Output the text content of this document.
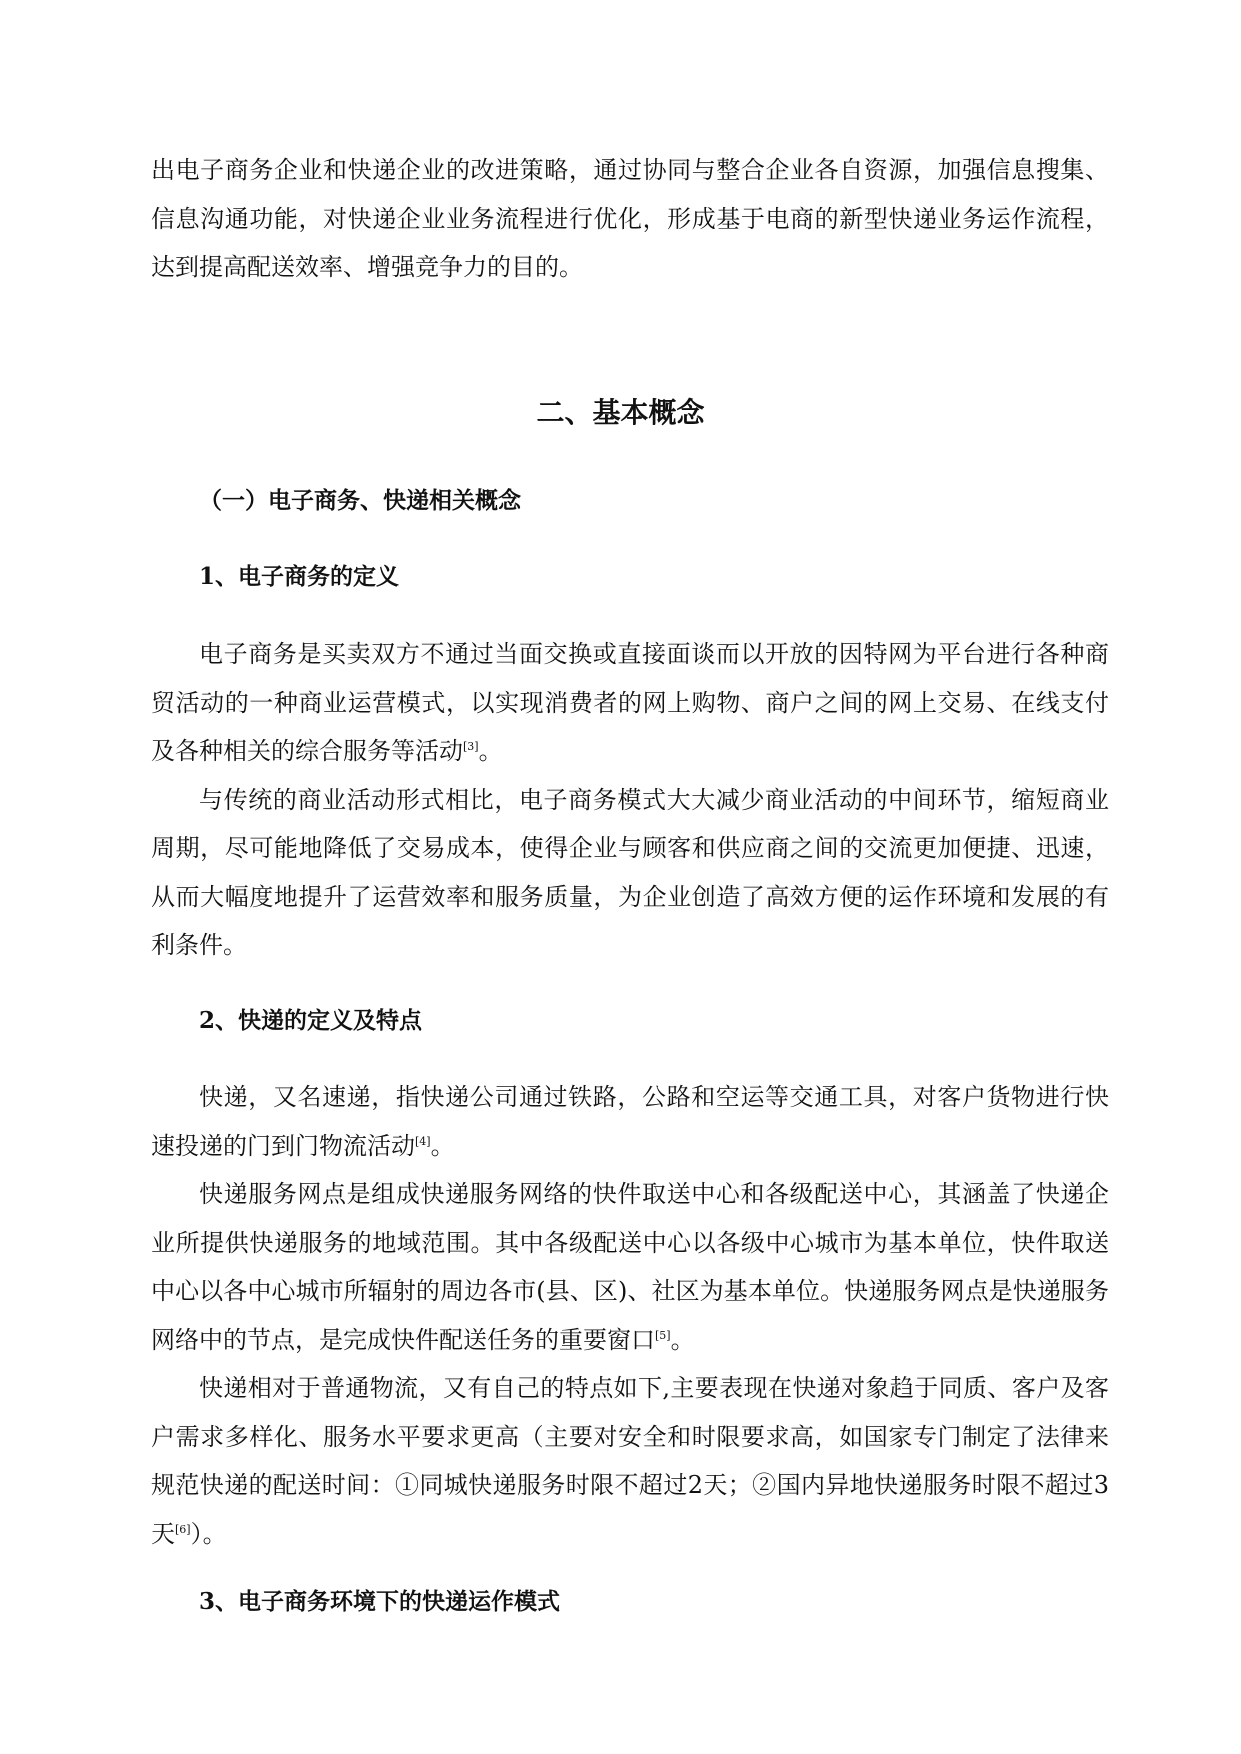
出电子商务企业和快递企业的改进策略，通过协同与整合企业各自资源，加强信息搜集、信息沟通功能，对快递企业业务流程进行优化，形成基于电商的新型快递业务运作流程，达到提高配送效率、增强竞争力的目的。

二、基本概念
（一）电子商务、快递相关概念
1、电子商务的定义

电子商务是买卖双方不通过当面交换或直接面谈而以开放的因特网为平台进行各种商贸活动的一种商业运营模式，以实现消费者的网上购物、商户之间的网上交易、在线支付及各种相关的综合服务等活动[3]。

与传统的商业活动形式相比，电子商务模式大大减少商业活动的中间环节，缩短商业周期，尽可能地降低了交易成本，使得企业与顾客和供应商之间的交流更加便捷、迅速，从而大幅度地提升了运营效率和服务质量，为企业创造了高效方便的运作环境和发展的有利条件。

2、快递的定义及特点

快递，又名速递，指快递公司通过铁路，公路和空运等交通工具，对客户货物进行快速投递的门到门物流活动[4]。

快递服务网点是组成快递服务网络的快件取送中心和各级配送中心，其涵盖了快递企业所提供快递服务的地域范围。其中各级配送中心以各级中心城市为基本单位，快件取送中心以各中心城市所辐射的周边各市(县、区)、社区为基本单位。快递服务网点是快递服务网络中的节点，是完成快件配送任务的重要窗口[5]。

快递相对于普通物流，又有自己的特点如下,主要表现在快递对象趋于同质、客户及客户需求多样化、服务水平要求更高（主要对安全和时限要求高，如国家专门制定了法律来规范快递的配送时间：①同城快递服务时限不超过2天；②国内异地快递服务时限不超过3天[6]）。

3、电子商务环境下的快递运作模式
